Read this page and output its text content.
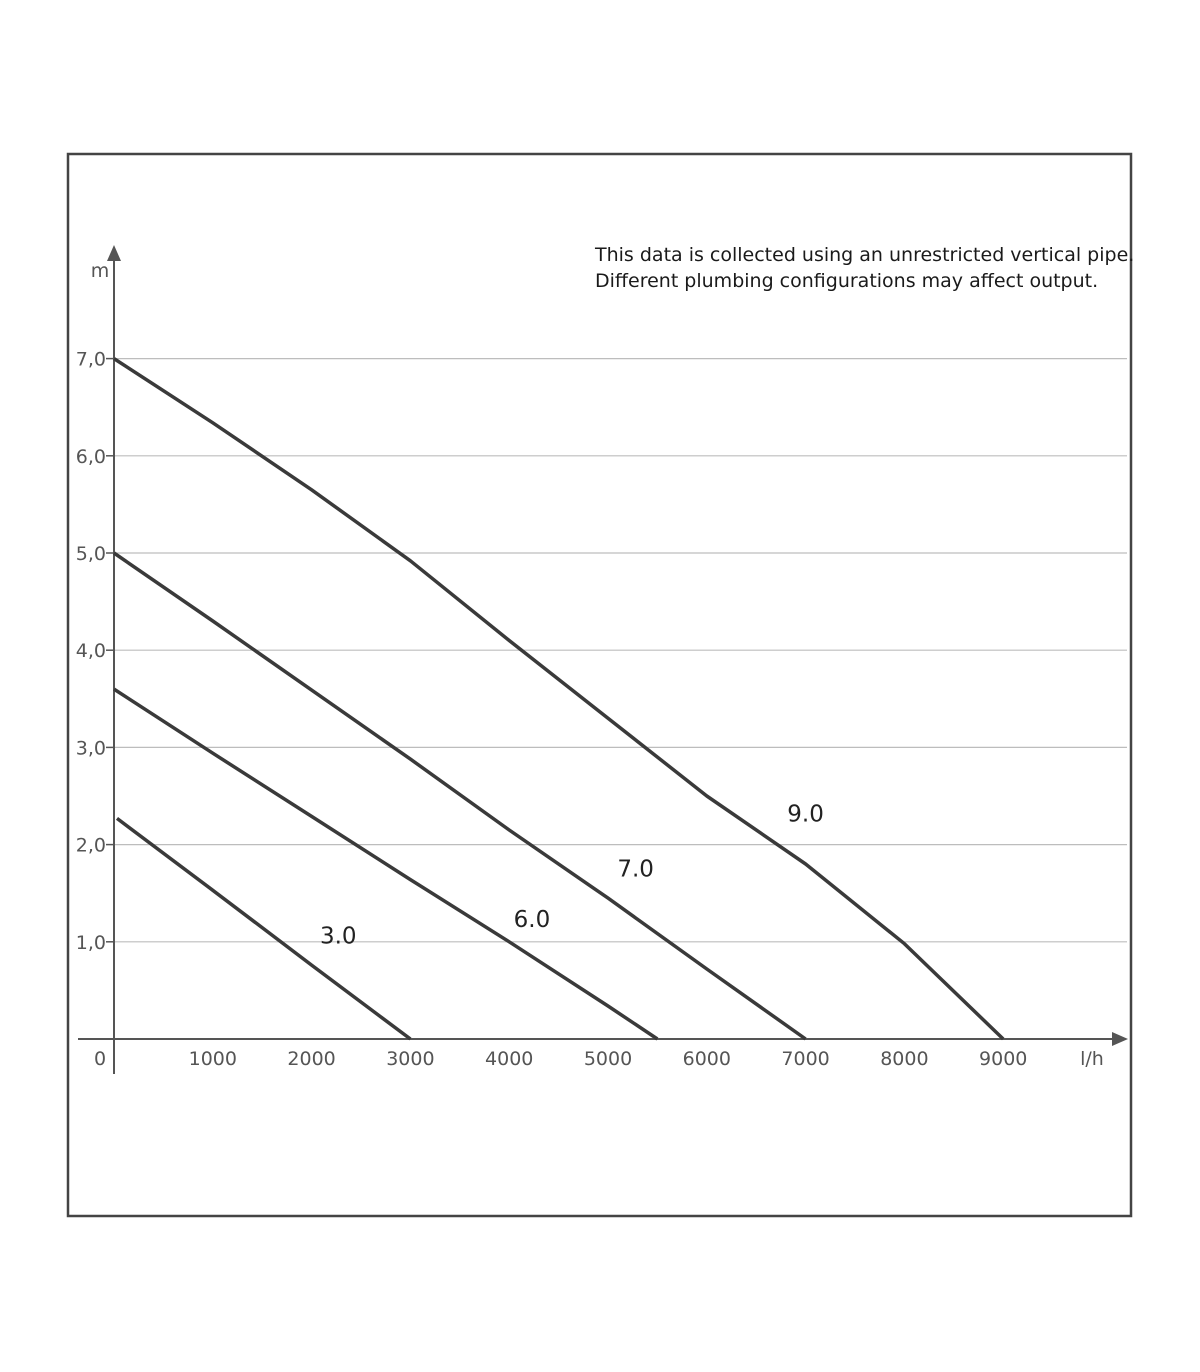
m
l/h
0
1,0
2,0
3,0
4,0
5,0
6,0
7,0
1000	2000	3000	4000	5000	6000	7000	8000	9000
3.0
6.0
7.0
9.0
This data is collected using an unrestricted vertical pipe.
Different plumbing configurations may affect output.
